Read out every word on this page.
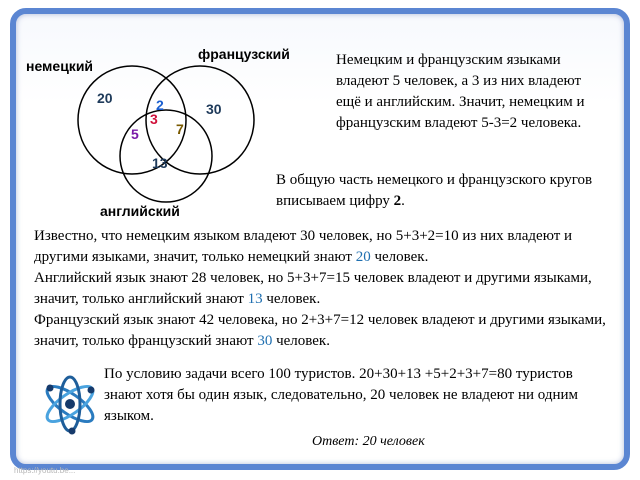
немецкий
французский
английский
20	2
3
30
5	7
13
Немецким и французским языками владеют 5 человек, а 3 из них владеют ещё и английским. Значит, немецким и французским владеют 5-3=2 человека.
В общую часть немецкого и французского кругов вписываем цифру 2.
Известно, что немецким языком владеют 30 человек, но 5+3+2=10 из них владеют и другими языками, значит, только немецкий знают 20 человек.
Английский язык знают 28 человек, но 5+3+7=15 человек владеют и другими языками, значит, только английский знают 13 человек.
Французский язык знают 42 человека, но 2+3+7=12 человек владеют и другими языками, значит, только французский знают 30 человек.
По условию задачи всего 100 туристов. 20+30+13 +5+2+3+7=80 туристов знают хотя бы один язык, следовательно, 20 человек не владеют ни одним языком.
Ответ: 20 человек
https://youtu.be...
